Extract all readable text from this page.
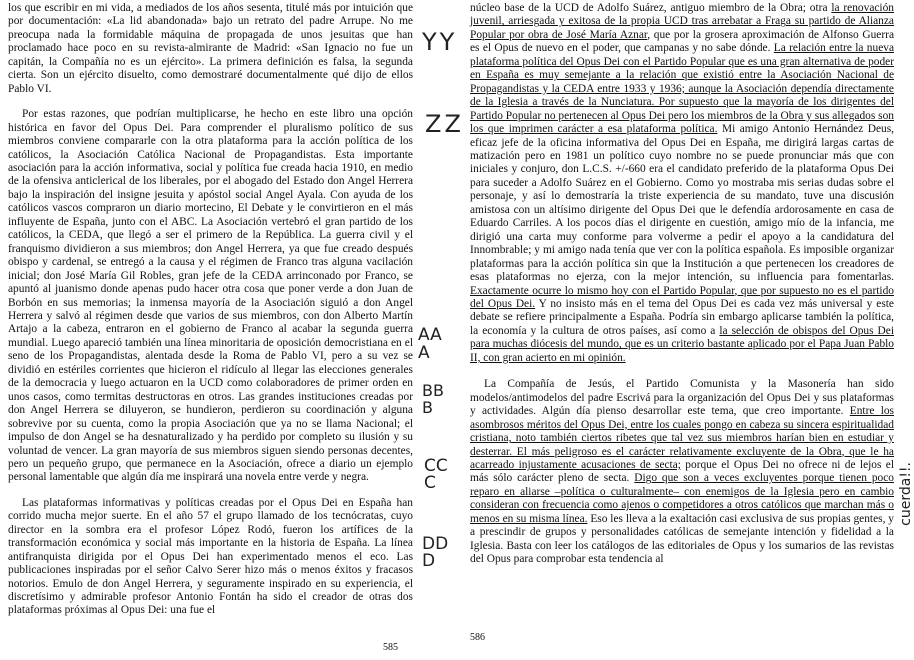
los que escribir en mi vida, a mediados de los años sesenta, titulé más por intuición que por documentación: «La lid abandonada» bajo un retrato del padre Arrupe. No me preocupa nada la formidable máquina de propagada de unos jesuitas que han proclamado hace poco en su revista-almirante de Madrid: «San Ignacio no fue un capitán, la Compañía no es un ejército». La primera definición es falsa, la segunda cierta. Son un ejército disuelto, como demostraré documentalmente qué dijo de ellos Pablo VI.

Por estas razones, que podrían multiplicarse, he hecho en este libro una opción histórica en favor del Opus Dei. Para comprender el pluralismo político de sus miembros conviene compararle con la otra plataforma para la acción política de los católicos, la Asociación Católica Nacional de Propagandistas. Esta importante asociación para la acción informativa, social y política fue creada hacia 1910, en medio de la ofensiva anticlerical de los liberales, por el abogado del Estado don Angel Herrera bajo la inspiración del insigne jesuita y apóstol social Angel Ayala. Con ayuda de los católicos vascos compraron un diario mortecino, El Debate y le convirtieron en el más influyente de España, junto con el ABC. La Asociación vertebró el gran partido de los católicos, la CEDA, que llegó a ser el primero de la República. La guerra civil y el franquismo dividieron a sus miembros; don Angel Herrera, ya que fue creado después obispo y cardenal, se entregó a la causa y el régimen de Franco tras alguna vacilación inicial; don José María Gil Robles, gran jefe de la CEDA arrinconado por Franco, se apuntó al juanismo donde apenas pudo hacer otra cosa que poner verde a don Juan de Borbón en sus memorias; la inmensa mayoría de la Asociación siguió a don Angel Herrera y salvó al régimen desde que varios de sus miembros, con don Alberto Martín Artajo a la cabeza, entraron en el gobierno de Franco al acabar la segunda guerra mundial. Luego apareció también una línea minoritaria de oposición democristiana en el seno de los Propagandistas, alentada desde la Roma de Pablo VI, pero a su vez se dividió en estériles corrientes que hicieron el ridículo al llegar las elecciones generales de la democracia y luego actuaron en la UCD como colaboradores de primer orden en unos casos, como termitas destructoras en otros. Las grandes instituciones creadas por don Angel Herrera se diluyeron, se hundieron, perdieron su coordinación y alguna sobrevive por su cuenta, como la propia Asociación que ya no se llama Nacional; el impulso de don Angel se ha desnaturalizado y ha perdido por completo su ilusión y su voluntad de vencer. La gran mayoría de sus miembros siguen siendo personas decentes, pero un pequeño grupo, que permanece en la Asociación, ofrece a diario un ejemplo personal lamentable que algún día me inspirará una novela entre verde y negra.

Las plataformas informativas y políticas creadas por el Opus Dei en España han corrido mucha mejor suerte. En el año 57 el grupo llamado de los tecnócratas, cuyo director en la sombra era el profesor López Rodó, fueron los artífices de la transformación económica y social más importante en la historia de España. La línea antifranquista dirigida por el Opus Dei han experimentado menos el eco. Las publicaciones inspiradas por el señor Calvo Serer hizo más o menos éxitos y fracasos notorios. Emulo de don Angel Herrera, y seguramente inspirado en su experiencia, el discretísimo y admirable profesor Antonio Fontán ha sido el creador de otras dos plataformas próximas al Opus Dei: una fue el

585

núcleo base de la UCD de Adolfo Suárez, antiguo miembro de la Obra; otra la renovación juvenil, arriesgada y exitosa de la propia UCD tras arrebatar a Fraga su partido de Alianza Popular por obra de José María Aznar, que por la grosera aproximación de Alfonso Guerra es el Opus de nuevo en el poder, que campanas y no sabe dónde. La relación entre la nueva plataforma política del Opus Dei con el Partido Popular que es una gran alternativa de poder en España es muy semejante a la relación que existió entre la Asociación Nacional de Propagandistas y la CEDA entre 1933 y 1936; aunque la Asociación dependía directamente de la Iglesia a través de la Nunciatura. Por supuesto que la mayoría de los dirigentes del Partido Popular no pertenecen al Opus Dei pero los miembros de la Obra y sus allegados son los que imprimen carácter a esa plataforma política. Mi amigo Antonio Hernández Deus, eficaz jefe de la oficina informativa del Opus Dei en España, me dirigirá largas cartas de matización pero en 1981 un político cuyo nombre no se puede pronunciar más que con iniciales y conjuro, don L.C.S. +/-660 era el candidato preferido de la plataforma Opus Dei para suceder a Adolfo Suárez en el Gobierno. Como yo mostraba mis serias dudas sobre el personaje, y así lo demostraría la triste experiencia de su mandato, tuve una discusión amistosa con un altísimo dirigente del Opus Dei que le defendía ardorosamente en casa de Eduardo Carriles. A los pocos días el dirigente en cuestión, amigo mío de la infancia, me dirigió una carta muy conforme para volverme a pedir el apoyo a la candidatura del Innombrable; y mi amigo nada tenía que ver con la política española. Es imposible organizar plataformas para la acción política sin que la Institución a que pertenecen los creadores de esas plataformas no ejerza, con la mejor intención, su influencia para fomentarlas. Exactamente ocurre lo mismo hoy con el Partido Popular, que por supuesto no es el partido del Opus Dei. Y no insisto más en el tema del Opus Dei es cada vez más universal y este debate se refiere principalmente a España. Podría sin embargo aplicarse también la política, la economía y la cultura de otros países, así como a la selección de obispos del Opus Dei para muchas diócesis del mundo, que es un criterio bastante aplicado por el Papa Juan Pablo II, con gran acierto en mi opinión.

La Compañía de Jesús, el Partido Comunista y la Masonería han sido modelos/antimodelos del padre Escrivá para la organización del Opus Dei y sus plataformas y actividades. Algún día pienso desarrollar este tema, que creo importante. Entre los asombrosos méritos del Opus Dei, entre los cuales pongo en cabeza su sincera espiritualidad cristiana, noto también ciertos ribetes que tal vez sus miembros harían bien en estudiar y desterrar. El más peligroso es el carácter relativamente excluyente de la Obra, que le ha acarreado injustamente acusaciones de secta; porque el Opus Dei no ofrece ni de lejos el más sólo carácter pleno de secta. Digo que son a veces excluyentes porque tienen poco reparo en aliarse –política o culturalmente– con enemigos de la Iglesia pero en cambio consideran con frecuencia como ajenos o competidores a otros católicos que marchan más o menos en su misma línea. Eso les lleva a la exaltación casi exclusiva de sus propias gentes, y a prescindir de grupos y personalidades católicas de semejante intención y fidelidad a la Iglesia. Basta con leer los catálogos de las editoriales de Opus y los sumarios de las revistas del Opus para comprobar esta tendencia al

586
YY
ZZ
AA
A
BB
B
CC
C
DD
D
cuerda!!.
